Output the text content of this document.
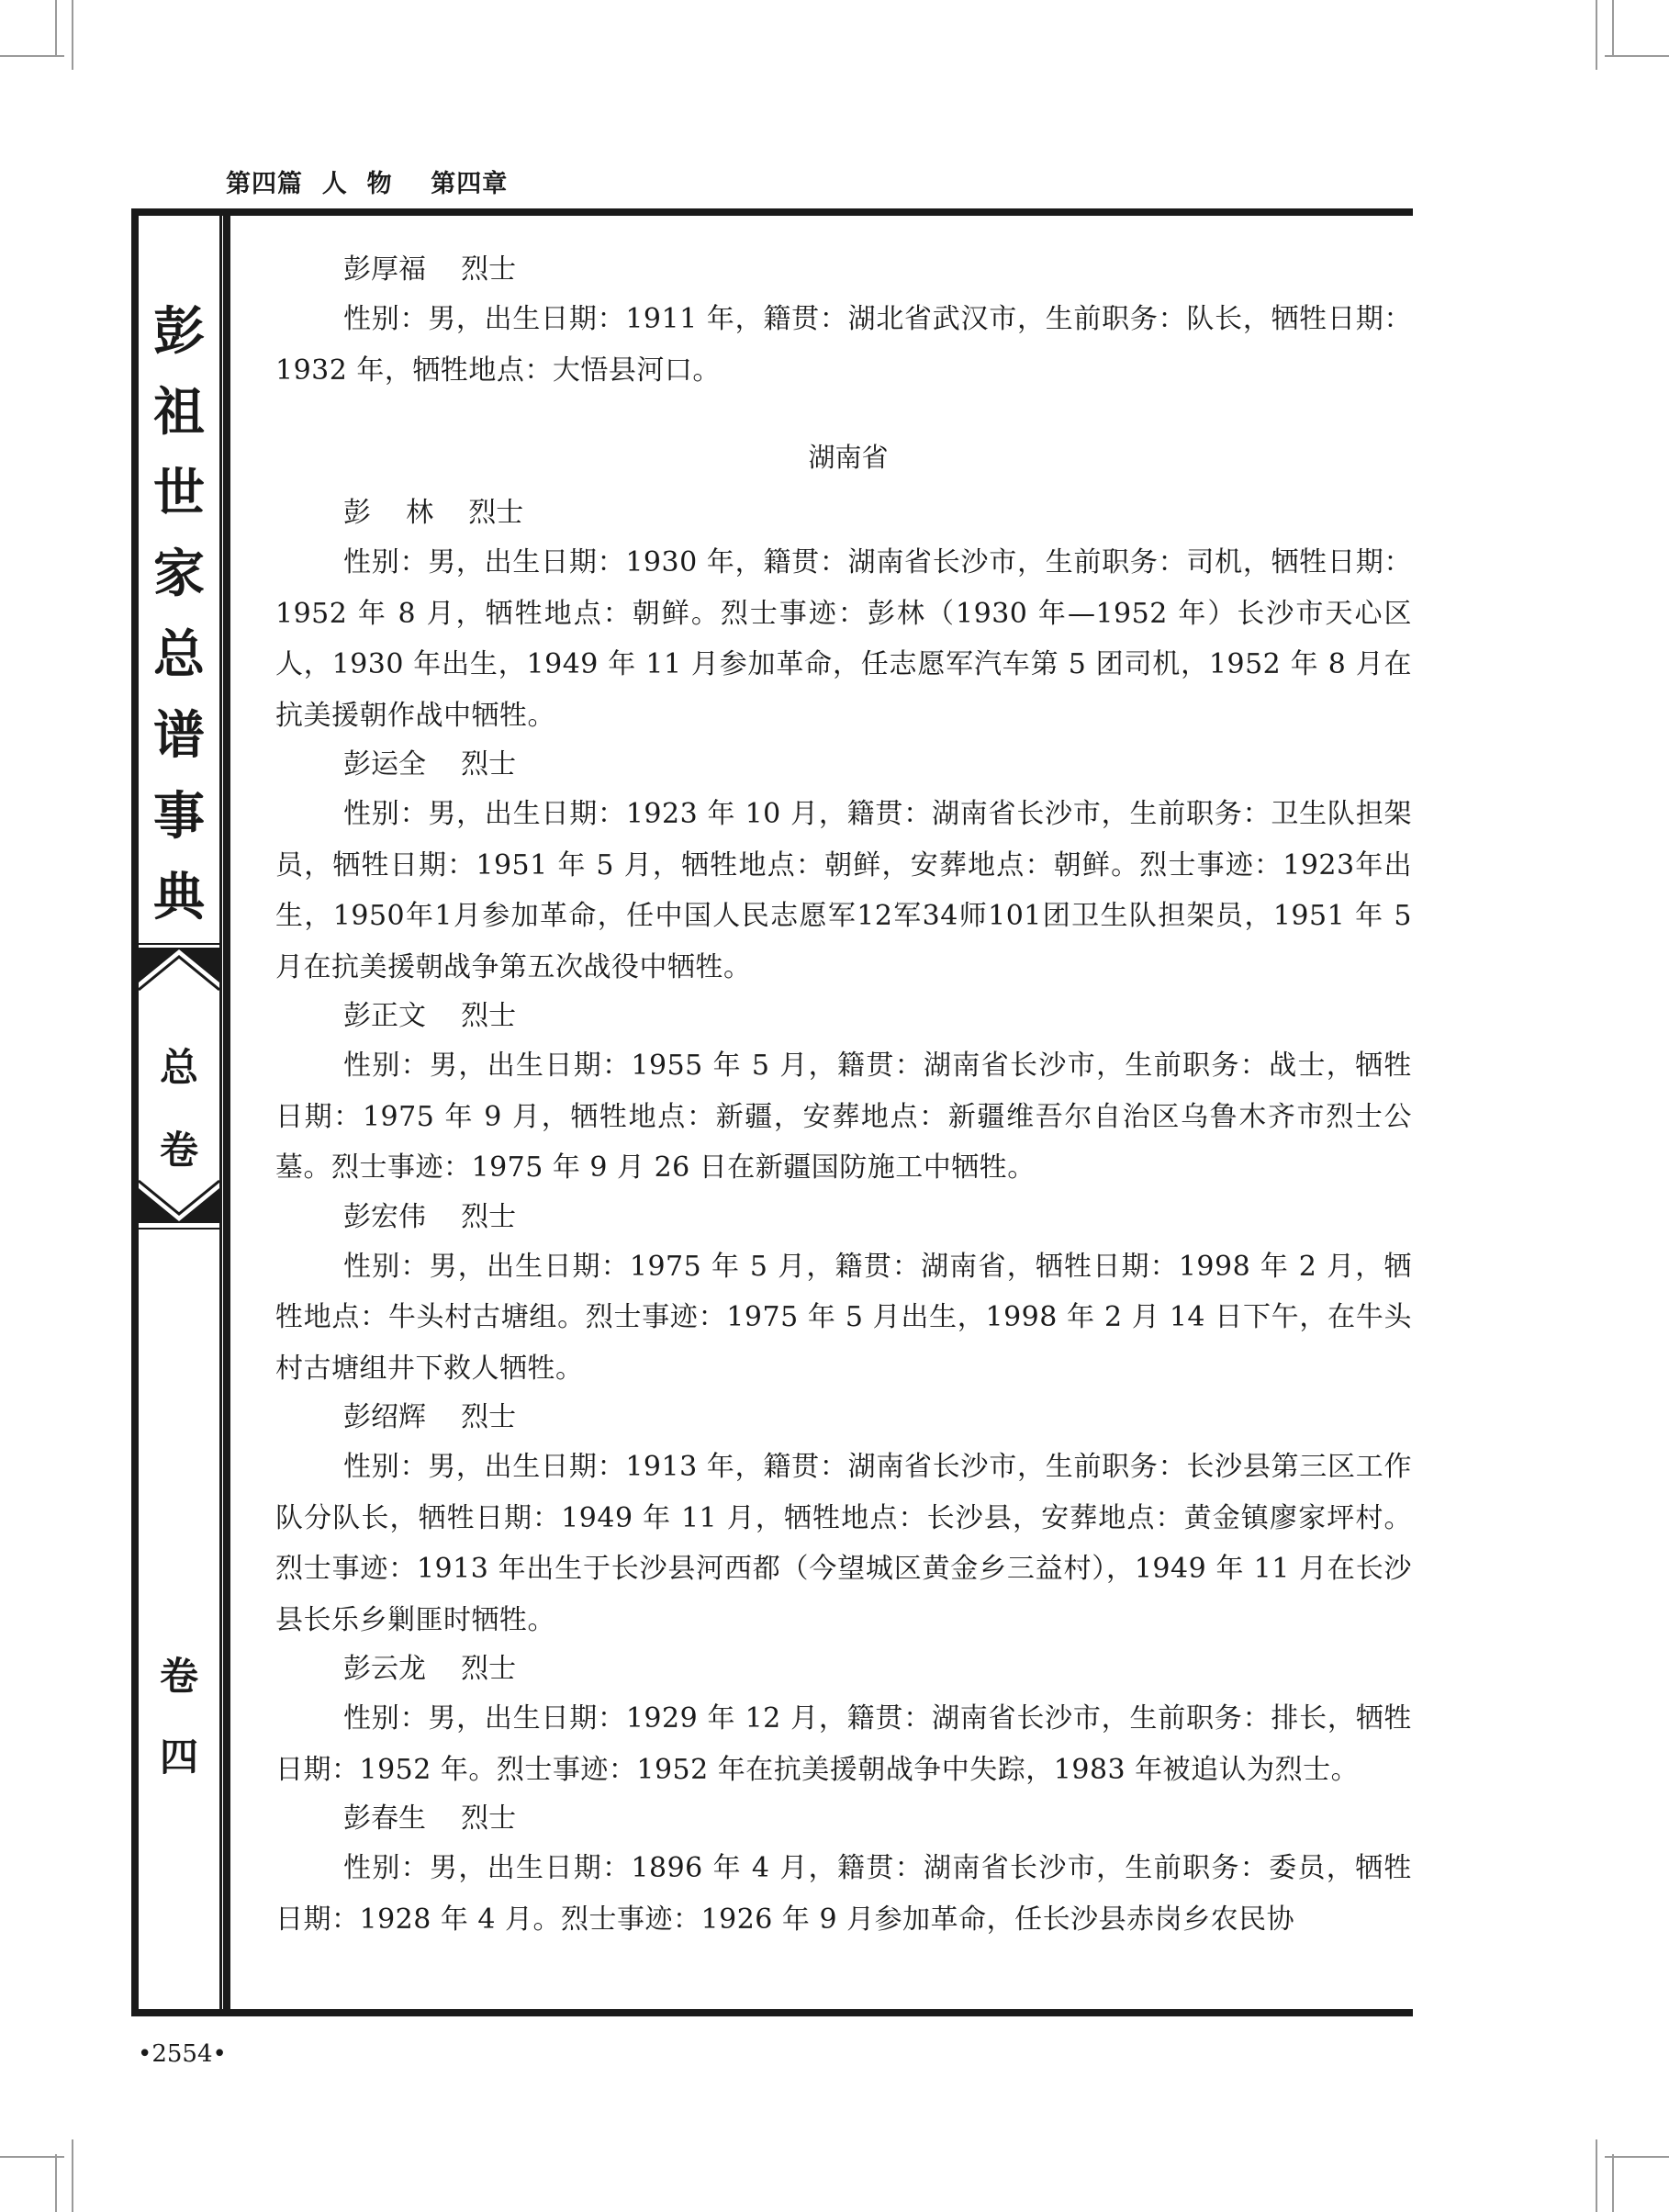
第四篇  人  物    第四章
彭
祖
世
家
总
谱
事
典
总
卷
卷
四
彭厚福    烈士
性别：男，出生日期：1911 年，籍贯：湖北省武汉市，生前职务：队长，牺牲日期：1932 年，牺牲地点：大悟县河口。
湖南省
彭    林    烈士
性别：男，出生日期：1930 年，籍贯：湖南省长沙市，生前职务：司机，牺牲日期：1952 年 8 月，牺牲地点：朝鲜。烈士事迹：彭林（1930 年—1952 年）长沙市天心区人，1930 年出生，1949 年 11 月参加革命，任志愿军汽车第 5 团司机，1952 年 8 月在抗美援朝作战中牺牲。
彭运全    烈士
性别：男，出生日期：1923 年 10 月，籍贯：湖南省长沙市，生前职务：卫生队担架员，牺牲日期：1951 年 5 月，牺牲地点：朝鲜，安葬地点：朝鲜。烈士事迹：1923年出生，1950年1月参加革命，任中国人民志愿军12军34师101团卫生队担架员，1951 年 5 月在抗美援朝战争第五次战役中牺牲。
彭正文    烈士
性别：男，出生日期：1955 年 5 月，籍贯：湖南省长沙市，生前职务：战士，牺牲日期：1975 年 9 月，牺牲地点：新疆，安葬地点：新疆维吾尔自治区乌鲁木齐市烈士公墓。烈士事迹：1975 年 9 月 26 日在新疆国防施工中牺牲。
彭宏伟    烈士
性别：男，出生日期：1975 年 5 月，籍贯：湖南省，牺牲日期：1998 年 2 月，牺牲地点：牛头村古塘组。烈士事迹：1975 年 5 月出生，1998 年 2 月 14 日下午，在牛头村古塘组井下救人牺牲。
彭绍辉    烈士
性别：男，出生日期：1913 年，籍贯：湖南省长沙市，生前职务：长沙县第三区工作队分队长，牺牲日期：1949 年 11 月，牺牲地点：长沙县，安葬地点：黄金镇廖家坪村。烈士事迹：1913 年出生于长沙县河西都（今望城区黄金乡三益村），1949 年 11 月在长沙县长乐乡剿匪时牺牲。
彭云龙    烈士
性别：男，出生日期：1929 年 12 月，籍贯：湖南省长沙市，生前职务：排长，牺牲日期：1952 年。烈士事迹：1952 年在抗美援朝战争中失踪，1983 年被追认为烈士。
彭春生    烈士
性别：男，出生日期：1896 年 4 月，籍贯：湖南省长沙市，生前职务：委员，牺牲日期：1928 年 4 月。烈士事迹：1926 年 9 月参加革命，任长沙县赤岗乡农民协
•2554•
